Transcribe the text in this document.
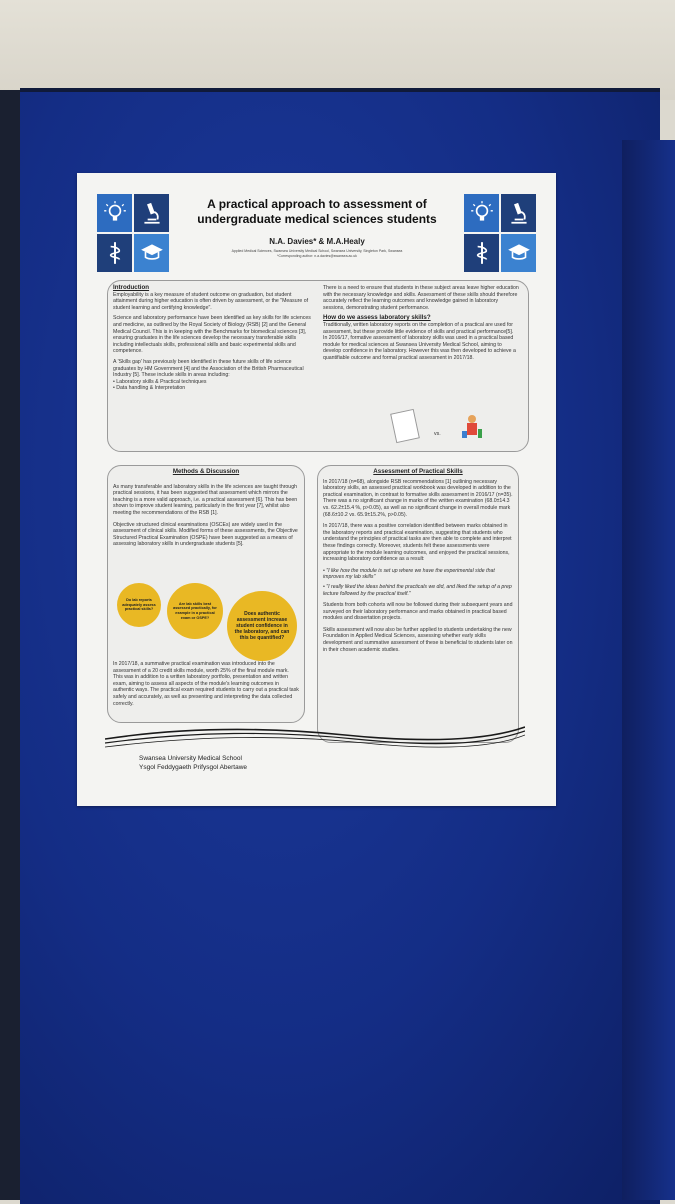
A practical approach to assessment of undergraduate medical sciences students
N.A. Davies* & M.A.Healy
Applied Medical Sciences, Swansea University Medical School, Swansea University, Singleton Park, Swansea
*Corresponding author: n.a.davies@swansea.ac.uk
Introduction
Employability is a key measure of student outcome on graduation, but student attainment during higher education is often driven by assessment, or the "Measure of student learning and certifying knowledge".
Science and laboratory performance have been identified as key skills for life sciences and medicine, as outlined by the Royal Society of Biology (RSB) [2] and the General Medical Council. This is in keeping with the Benchmarks for biomedical sciences [3], ensuring graduates in the life sciences develop the necessary transferable skills including intellectuals skills, professional skills and basic experimental skills and competence.
A 'Skills gap' has previously been identified in these future skills of life science graduates by HM Government [4] and the Association of the British Pharmaceutical Industry [5]. These include skills in areas including:
• Laboratory skills & Practical techniques
• Data handling & Interpretation
There is a need to ensure that students in these subject areas leave higher education with the necessary knowledge and skills. Assessment of these skills should therefore accurately reflect the learning outcomes and knowledge gained in laboratory sessions, demonstrating student performance.
How do we assess laboratory skills?
Traditionally, written laboratory reports on the completion of a practical are used for assessment, but these provide little evidence of skills and practical performance[5]. In 2016/17, formative assessment of laboratory skills was used in a practical based module for medical sciences at Swansea University Medical School, aiming to develop confidence in the laboratory. However this was then developed to achieve a quantifiable outcome and formal practical assessment in 2017/18.
vs.
Methods & Discussion
As many transferable and laboratory skills in the life sciences are taught through practical sessions, it has been suggested that assessment which mirrors the teaching is a more valid approach, i.e. a practical assessment [6]. This has been shown to improve student learning, particularly in the first year [7], whilst also meeting the recommendations of the RSB [1].
Objective structured clinical examinations (OSCEs) are widely used in the assessment of clinical skills. Modified forms of these assessments, the Objective Structured Practical Examination (OSPE) have been suggested as a means of assessing laboratory skills in undergraduate students [5].
Do lab reports adequately assess practical skills?
Are lab skills best assessed practically, for example in a practical exam or OSPE?
Does authentic assessment increase student confidence in the laboratory, and can this be quantified?
In 2017/18, a summative practical examination was introduced into the assessment of a 20 credit skills module, worth 25% of the final module mark. This was in addition to a written laboratory portfolio, presentation and written exam, aiming to assess all aspects of the module's learning outcomes in authentic ways. The practical exam required students to carry out a practical task safely and accurately, as well as presenting and interpreting the data collected correctly.
Assessment of Practical Skills
In 2017/18 (n=68), alongside RSB recommendations [1] outlining necessary laboratory skills, an assessed practical workbook was developed in addition to the practical examination, in contrast to formative skills assessment in 2016/17 (n=35). There was a no significant change in marks of the written examination (68.0±14.3 vs. 62.2±15.4 %, p>0.05), as well as no significant change in overall module mark (68.6±10.2 vs. 65.9±15.2%, p>0.05).
In 2017/18, there was a positive correlation identified between marks obtained in the laboratory reports and practical examination, suggesting that students who understand the principles of practical tasks are then able to complete and interpret these findings correctly. Moreover, students felt these assessments were appropriate to the module learning outcomes, and enjoyed the practical sessions, increasing laboratory confidence as a result:
• "I like how the module is set up where we have the experimental side that improves my lab skills"
• "I really liked the ideas behind the practicals we did, and liked the setup of a prep lecture followed by the practical itself."
Students from both cohorts will now be followed during their subsequent years and surveyed on their laboratory performance and marks obtained in practical based modules and dissertation projects.
Skills assessment will now also be further applied to students undertaking the new Foundation in Applied Medical Sciences, assessing whether early skills development and summative assessment of these is beneficial to students later on in their chosen academic studies.
Swansea University Medical School
Ysgol Feddygaeth Prifysgol Abertawe
